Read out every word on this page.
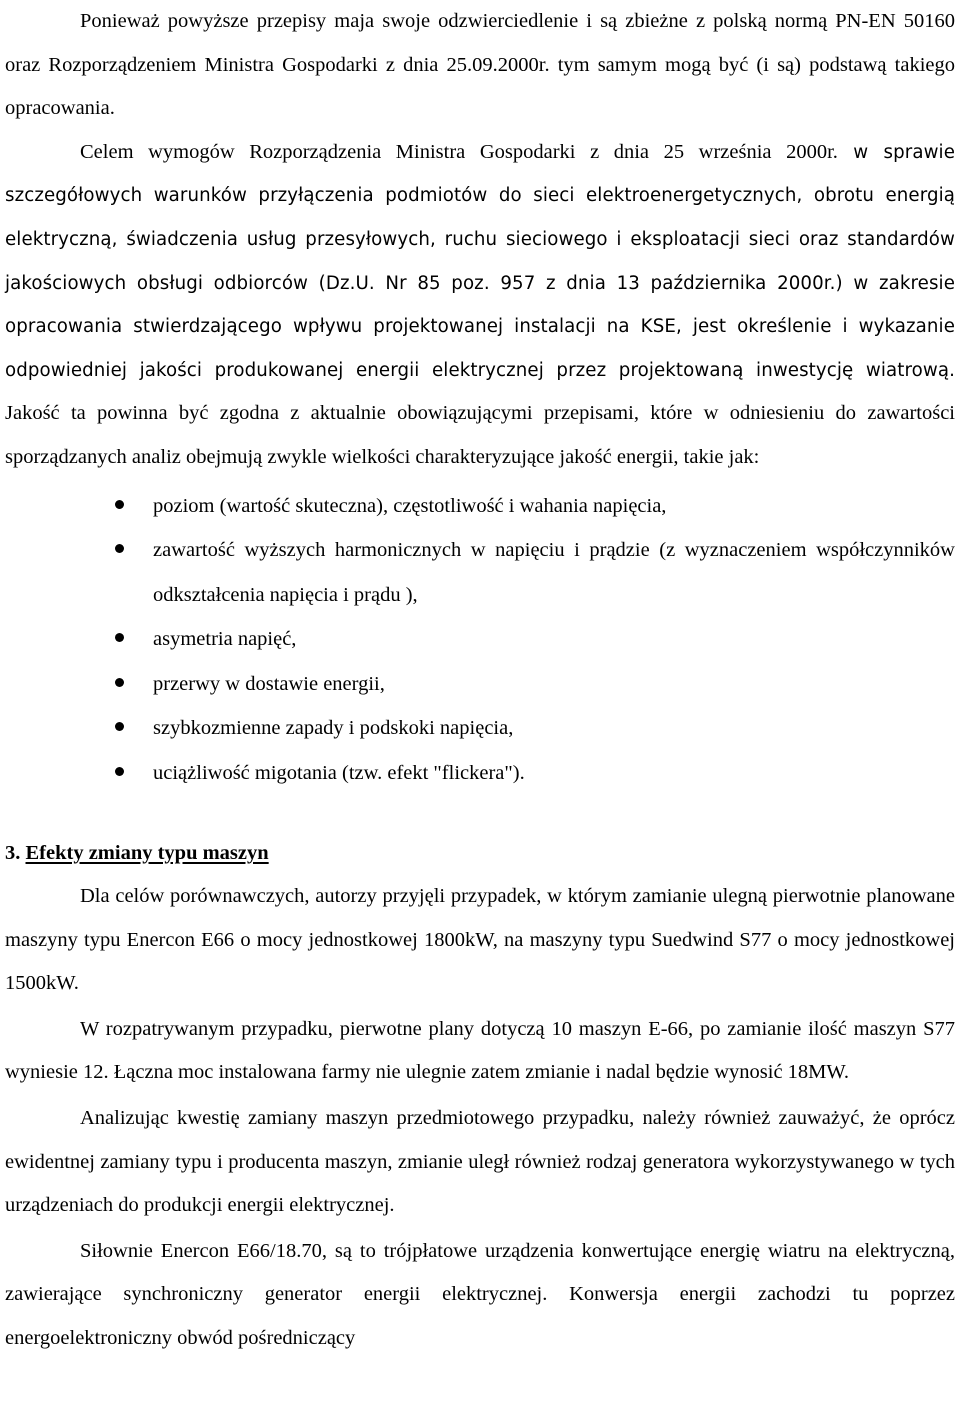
Ponieważ powyższe przepisy maja swoje odzwierciedlenie i są zbieżne z polską normą PN-EN 50160 oraz Rozporządzeniem Ministra Gospodarki z dnia 25.09.2000r. tym samym mogą być (i są) podstawą takiego opracowania.

Celem wymogów Rozporządzenia Ministra Gospodarki z dnia 25 września 2000r. w sprawie szczegółowych warunków przyłączenia podmiotów do sieci elektroenergetycznych, obrotu energią elektryczną, świadczenia usług przesyłowych, ruchu sieciowego i eksploatacji sieci oraz standardów jakościowych obsługi odbiorców (Dz.U. Nr 85 poz. 957 z dnia 13 października 2000r.) w zakresie opracowania stwierdzającego wpływu projektowanej instalacji na KSE, jest określenie i wykazanie odpowiedniej jakości produkowanej energii elektrycznej przez projektowaną inwestycję wiatrową. Jakość ta powinna być zgodna z aktualnie obowiązującymi przepisami, które w odniesieniu do zawartości sporządzanych analiz obejmują zwykle wielkości charakteryzujące jakość energii, takie jak:

poziom (wartość skuteczna), częstotliwość i wahania napięcia,
zawartość wyższych harmonicznych w napięciu i prądzie (z wyznaczeniem współczynników odkształcenia napięcia i prądu ),
asymetria napięć,
przerwy w dostawie energii,
szybkozmienne zapady i podskoki napięcia,
uciążliwość migotania (tzw. efekt "flickera").

3. Efekty zmiany typu maszyn

Dla celów porównawczych, autorzy przyjęli przypadek, w którym zamianie ulegną pierwotnie planowane maszyny typu Enercon E66 o mocy jednostkowej 1800kW, na maszyny typu Suedwind S77 o mocy jednostkowej 1500kW.

W rozpatrywanym przypadku, pierwotne plany dotyczą 10 maszyn E-66, po zamianie ilość maszyn S77 wyniesie 12. Łączna moc instalowana farmy nie ulegnie zatem zmianie i nadal będzie wynosić 18MW.

Analizując kwestię zamiany maszyn przedmiotowego przypadku, należy również zauważyć, że oprócz ewidentnej zamiany typu i producenta maszyn, zmianie uległ również rodzaj generatora wykorzystywanego w tych urządzeniach do produkcji energii elektrycznej.

Siłownie Enercon E66/18.70, są to trójpłatowe urządzenia konwertujące energię wiatru na elektryczną, zawierające synchroniczny generator energii elektrycznej. Konwersja energii zachodzi tu poprzez energoelektroniczny obwód pośredniczący
